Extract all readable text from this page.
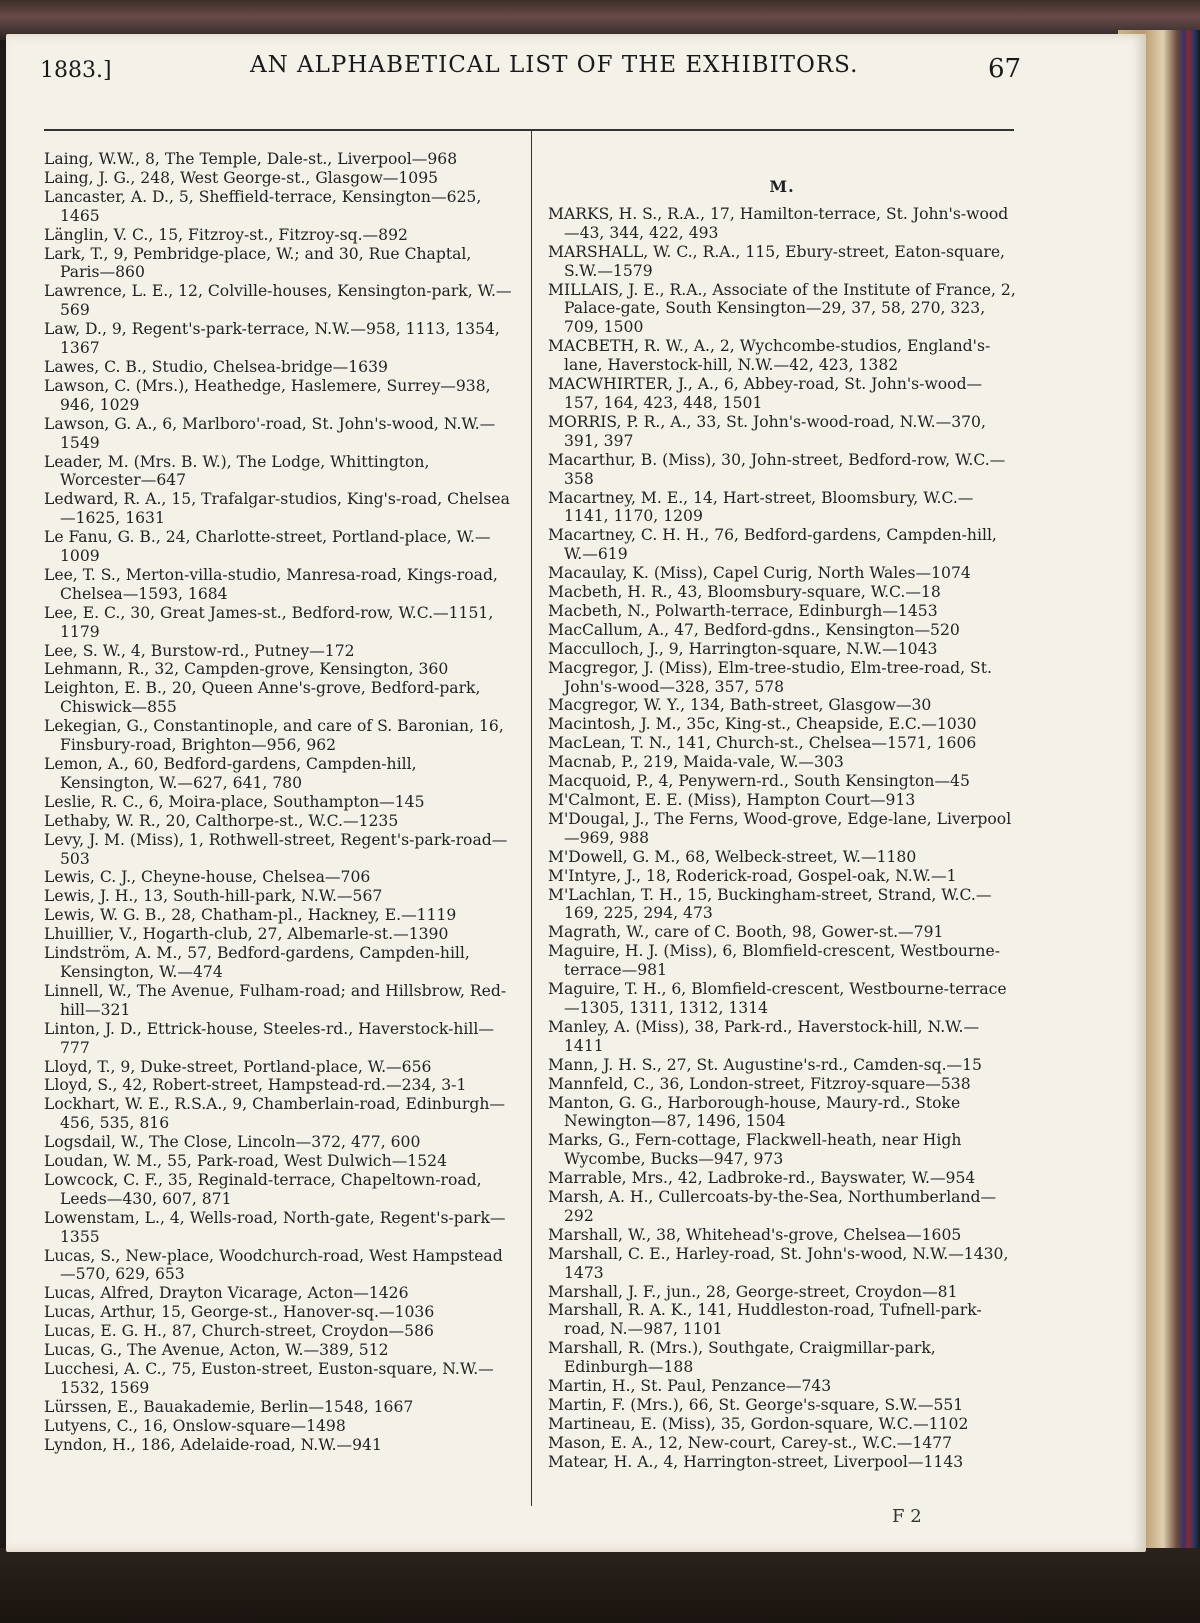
1883.]	AN ALPHABETICAL LIST OF THE EXHIBITORS.	67

Laing, W.W., 8, The Temple, Dale-st., Liverpool—968

Laing, J. G., 248, West George-st., Glasgow—1095

Lancaster, A. D., 5, Sheffield-terrace, Kensington—625, 1465

Länglin, V. C., 15, Fitzroy-st., Fitzroy-sq.—892

Lark, T., 9, Pembridge-place, W.; and 30, Rue Chaptal, Paris—860

Lawrence, L. E., 12, Colville-houses, Kensington-park, W.—569

Law, D., 9, Regent's-park-terrace, N.W.—958, 1113, 1354, 1367

Lawes, C. B., Studio, Chelsea-bridge—1639

Lawson, C. (Mrs.), Heathedge, Haslemere, Surrey—938, 946, 1029

Lawson, G. A., 6, Marlboro'-road, St. John's-wood, N.W.—1549

Leader, M. (Mrs. B. W.), The Lodge, Whittington, Worcester—647

Ledward, R. A., 15, Trafalgar-studios, King's-road, Chelsea—1625, 1631

Le Fanu, G. B., 24, Charlotte-street, Portland-place, W.—1009

Lee, T. S., Merton-villa-studio, Manresa-road, Kings-road, Chelsea—1593, 1684

Lee, E. C., 30, Great James-st., Bedford-row, W.C.—1151, 1179

Lee, S. W., 4, Burstow-rd., Putney—172

Lehmann, R., 32, Campden-grove, Kensington, 360

Leighton, E. B., 20, Queen Anne's-grove, Bedford-park, Chiswick—855

Lekegian, G., Constantinople, and care of S. Baronian, 16, Finsbury-road, Brighton—956, 962

Lemon, A., 60, Bedford-gardens, Campden-hill, Kensington, W.—627, 641, 780

Leslie, R. C., 6, Moira-place, Southampton—145

Lethaby, W. R., 20, Calthorpe-st., W.C.—1235

Levy, J. M. (Miss), 1, Rothwell-street, Regent's-park-road—503

Lewis, C. J., Cheyne-house, Chelsea—706

Lewis, J. H., 13, South-hill-park, N.W.—567

Lewis, W. G. B., 28, Chatham-pl., Hackney, E.—1119

Lhuillier, V., Hogarth-club, 27, Albemarle-st.—1390

Lindström, A. M., 57, Bedford-gardens, Campden-hill, Kensington, W.—474

Linnell, W., The Avenue, Fulham-road; and Hillsbrow, Red-hill—321

Linton, J. D., Ettrick-house, Steeles-rd., Haverstock-hill—777

Lloyd, T., 9, Duke-street, Portland-place, W.—656

Lloyd, S., 42, Robert-street, Hampstead-rd.—234, 3-1

Lockhart, W. E., R.S.A., 9, Chamberlain-road, Edinburgh—456, 535, 816

Logsdail, W., The Close, Lincoln—372, 477, 600

Loudan, W. M., 55, Park-road, West Dulwich—1524

Lowcock, C. F., 35, Reginald-terrace, Chapeltown-road, Leeds—430, 607, 871

Lowenstam, L., 4, Wells-road, North-gate, Regent's-park—1355

Lucas, S., New-place, Woodchurch-road, West Hampstead—570, 629, 653

Lucas, Alfred, Drayton Vicarage, Acton—1426

Lucas, Arthur, 15, George-st., Hanover-sq.—1036

Lucas, E. G. H., 87, Church-street, Croydon—586

Lucas, G., The Avenue, Acton, W.—389, 512

Lucchesi, A. C., 75, Euston-street, Euston-square, N.W.—1532, 1569

Lürssen, E., Bauakademie, Berlin—1548, 1667

Lutyens, C., 16, Onslow-square—1498

Lyndon, H., 186, Adelaide-road, N.W.—941

M.

MARKS, H. S., R.A., 17, Hamilton-terrace, St. John's-wood—43, 344, 422, 493

MARSHALL, W. C., R.A., 115, Ebury-street, Eaton-square, S.W.—1579

MILLAIS, J. E., R.A., Associate of the Institute of France, 2, Palace-gate, South Kensington—29, 37, 58, 270, 323, 709, 1500

MACBETH, R. W., A., 2, Wychcombe-studios, England's-lane, Haverstock-hill, N.W.—42, 423, 1382

MACWHIRTER, J., A., 6, Abbey-road, St. John's-wood—157, 164, 423, 448, 1501

MORRIS, P. R., A., 33, St. John's-wood-road, N.W.—370, 391, 397

Macarthur, B. (Miss), 30, John-street, Bedford-row, W.C.—358

Macartney, M. E., 14, Hart-street, Bloomsbury, W.C.—1141, 1170, 1209

Macartney, C. H. H., 76, Bedford-gardens, Campden-hill, W.—619

Macaulay, K. (Miss), Capel Curig, North Wales—1074

Macbeth, H. R., 43, Bloomsbury-square, W.C.—18

Macbeth, N., Polwarth-terrace, Edinburgh—1453

MacCallum, A., 47, Bedford-gdns., Kensington—520

Macculloch, J., 9, Harrington-square, N.W.—1043

Macgregor, J. (Miss), Elm-tree-studio, Elm-tree-road, St. John's-wood—328, 357, 578

Macgregor, W. Y., 134, Bath-street, Glasgow—30

Macintosh, J. M., 35c, King-st., Cheapside, E.C.—1030

MacLean, T. N., 141, Church-st., Chelsea—1571, 1606

Macnab, P., 219, Maida-vale, W.—303

Macquoid, P., 4, Penywern-rd., South Kensington—45

M'Calmont, E. E. (Miss), Hampton Court—913

M'Dougal, J., The Ferns, Wood-grove, Edge-lane, Liverpool—969, 988

M'Dowell, G. M., 68, Welbeck-street, W.—1180

M'Intyre, J., 18, Roderick-road, Gospel-oak, N.W.—1

M'Lachlan, T. H., 15, Buckingham-street, Strand, W.C.—169, 225, 294, 473

Magrath, W., care of C. Booth, 98, Gower-st.—791

Maguire, H. J. (Miss), 6, Blomfield-crescent, Westbourne-terrace—981

Maguire, T. H., 6, Blomfield-crescent, Westbourne-terrace—1305, 1311, 1312, 1314

Manley, A. (Miss), 38, Park-rd., Haverstock-hill, N.W.—1411

Mann, J. H. S., 27, St. Augustine's-rd., Camden-sq.—15

Mannfeld, C., 36, London-street, Fitzroy-square—538

Manton, G. G., Harborough-house, Maury-rd., Stoke Newington—87, 1496, 1504

Marks, G., Fern-cottage, Flackwell-heath, near High Wycombe, Bucks—947, 973

Marrable, Mrs., 42, Ladbroke-rd., Bayswater, W.—954

Marsh, A. H., Cullercoats-by-the-Sea, Northumberland—292

Marshall, W., 38, Whitehead's-grove, Chelsea—1605

Marshall, C. E., Harley-road, St. John's-wood, N.W.—1430, 1473

Marshall, J. F., jun., 28, George-street, Croydon—81

Marshall, R. A. K., 141, Huddleston-road, Tufnell-park-road, N.—987, 1101

Marshall, R. (Mrs.), Southgate, Craigmillar-park, Edinburgh—188

Martin, H., St. Paul, Penzance—743

Martin, F. (Mrs.), 66, St. George's-square, S.W.—551

Martineau, E. (Miss), 35, Gordon-square, W.C.—1102

Mason, E. A., 12, New-court, Carey-st., W.C.—1477

Matear, H. A., 4, Harrington-street, Liverpool—1143

F 2
